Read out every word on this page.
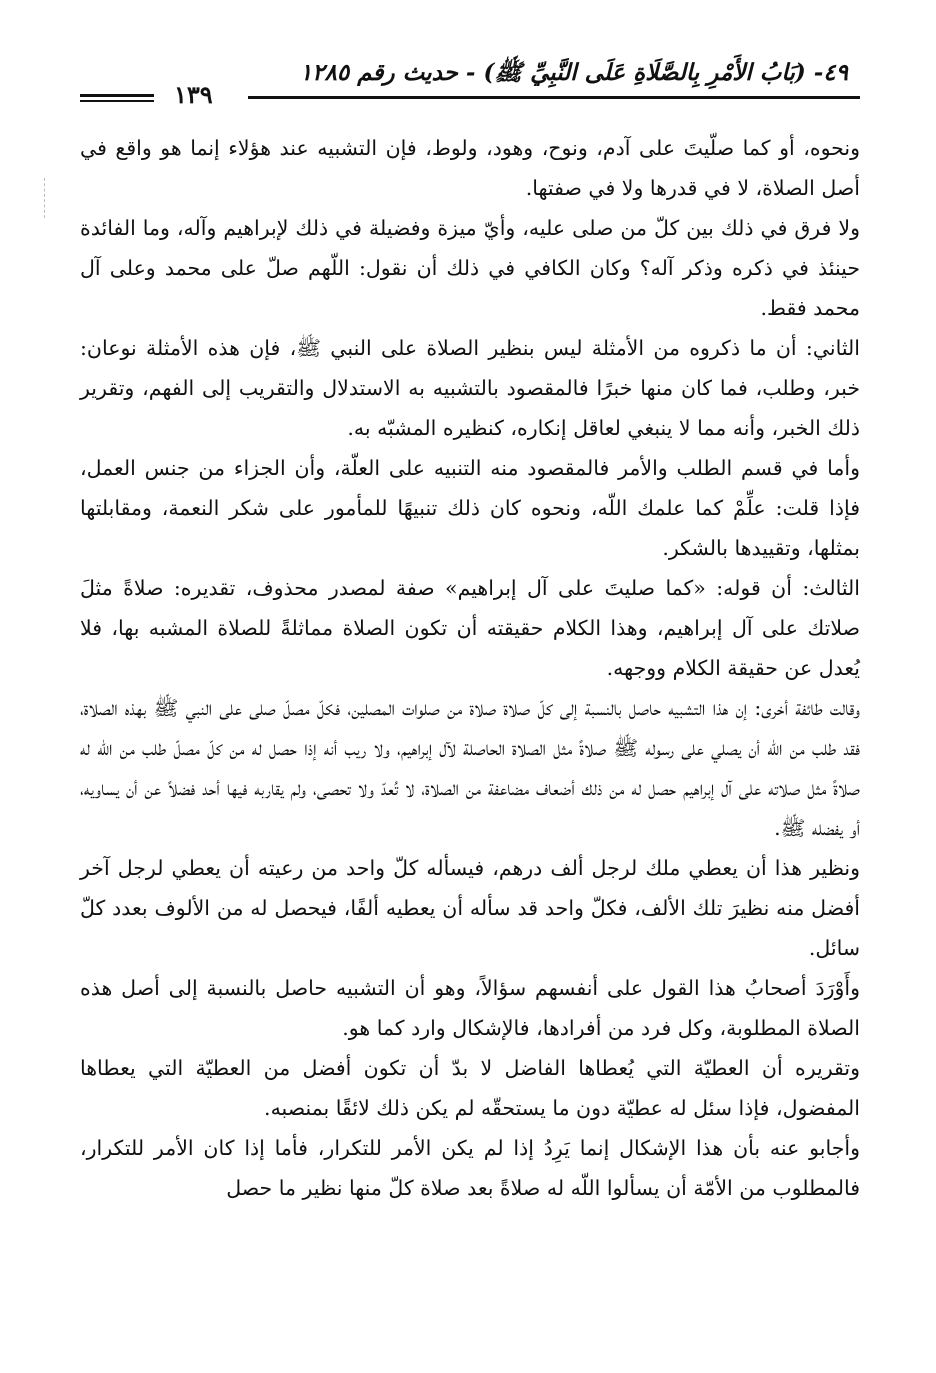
٤٩- (بَابُ الأَمْرِ بِالصَّلَاةِ عَلَى النَّبِيِّ ﷺ) - حديث رقم ١٢٨٥
١٣٩

ونحوه، أو كما صلّيتَ على آدم، ونوح، وهود، ولوط، فإن التشبيه عند هؤلاء إنما هو واقع في أصل الصلاة، لا في قدرها ولا في صفتها.

ولا فرق في ذلك بين كلّ من صلى عليه، وأيّ ميزة وفضيلة في ذلك لإبراهيم وآله، وما الفائدة حينئذ في ذكره وذكر آله؟ وكان الكافي في ذلك أن نقول: اللّهم صلّ على محمد وعلى آل محمد فقط.

الثاني: أن ما ذكروه من الأمثلة ليس بنظير الصلاة على النبي ﷺ، فإن هذه الأمثلة نوعان: خبر، وطلب، فما كان منها خبرًا فالمقصود بالتشبيه به الاستدلال والتقريب إلى الفهم، وتقرير ذلك الخبر، وأنه مما لا ينبغي لعاقل إنكاره، كنظيره المشبّه به.

وأما في قسم الطلب والأمر فالمقصود منه التنبيه على العلّة، وأن الجزاء من جنس العمل، فإذا قلت: علِّمْ كما علمك اللّه، ونحوه كان ذلك تنبيهًا للمأمور على شكر النعمة، ومقابلتها بمثلها، وتقييدها بالشكر.

الثالث: أن قوله: «كما صليتَ على آل إبراهيم» صفة لمصدر محذوف، تقديره: صلاةً مثلَ صلاتك على آل إبراهيم، وهذا الكلام حقيقته أن تكون الصلاة مماثلةً للصلاة المشبه بها، فلا يُعدل عن حقيقة الكلام ووجهه.

وقالت طائفة أخرى: إن هذا التشبيه حاصل بالنسبة إلى كلّ صلاة صلاة من صلوات المصلين، فكلّ مصلّ صلى على النبي ﷺ بهذه الصلاة، فقد طلب من اللّه أن يصلي على رسوله ﷺ صلاةً مثل الصلاة الحاصلة لآل إبراهيم، ولا ريب أنه إذا حصل له من كلّ مصلّ طلب من اللّه له صلاةً مثل صلاته على آل إبراهيم حصل له من ذلك أضعاف مضاعفة من الصلاة، لا تُعدّ ولا تحصى، ولم يقاربه فيها أحد فضلاً عن أن يساويه، أو يفضله ﷺ.

ونظير هذا أن يعطي ملك لرجل ألف درهم، فيسأله كلّ واحد من رعيته أن يعطي لرجل آخر أفضل منه نظيرَ تلك الألف، فكلّ واحد قد سأله أن يعطيه ألفًا، فيحصل له من الألوف بعدد كلّ سائل.

وأَوْرَدَ أصحابُ هذا القول على أنفسهم سؤالاً، وهو أن التشبيه حاصل بالنسبة إلى أصل هذه الصلاة المطلوبة، وكل فرد من أفرادها، فالإشكال وارد كما هو.

وتقريره أن العطيّة التي يُعطاها الفاضل لا بدّ أن تكون أفضل من العطيّة التي يعطاها المفضول، فإذا سئل له عطيّة دون ما يستحقّه لم يكن ذلك لائقًا بمنصبه.

وأجابو عنه بأن هذا الإشكال إنما يَرِدُ إذا لم يكن الأمر للتكرار، فأما إذا كان الأمر للتكرار، فالمطلوب من الأمّة أن يسألوا اللّه له صلاةً بعد صلاة كلّ منها نظير ما حصل
